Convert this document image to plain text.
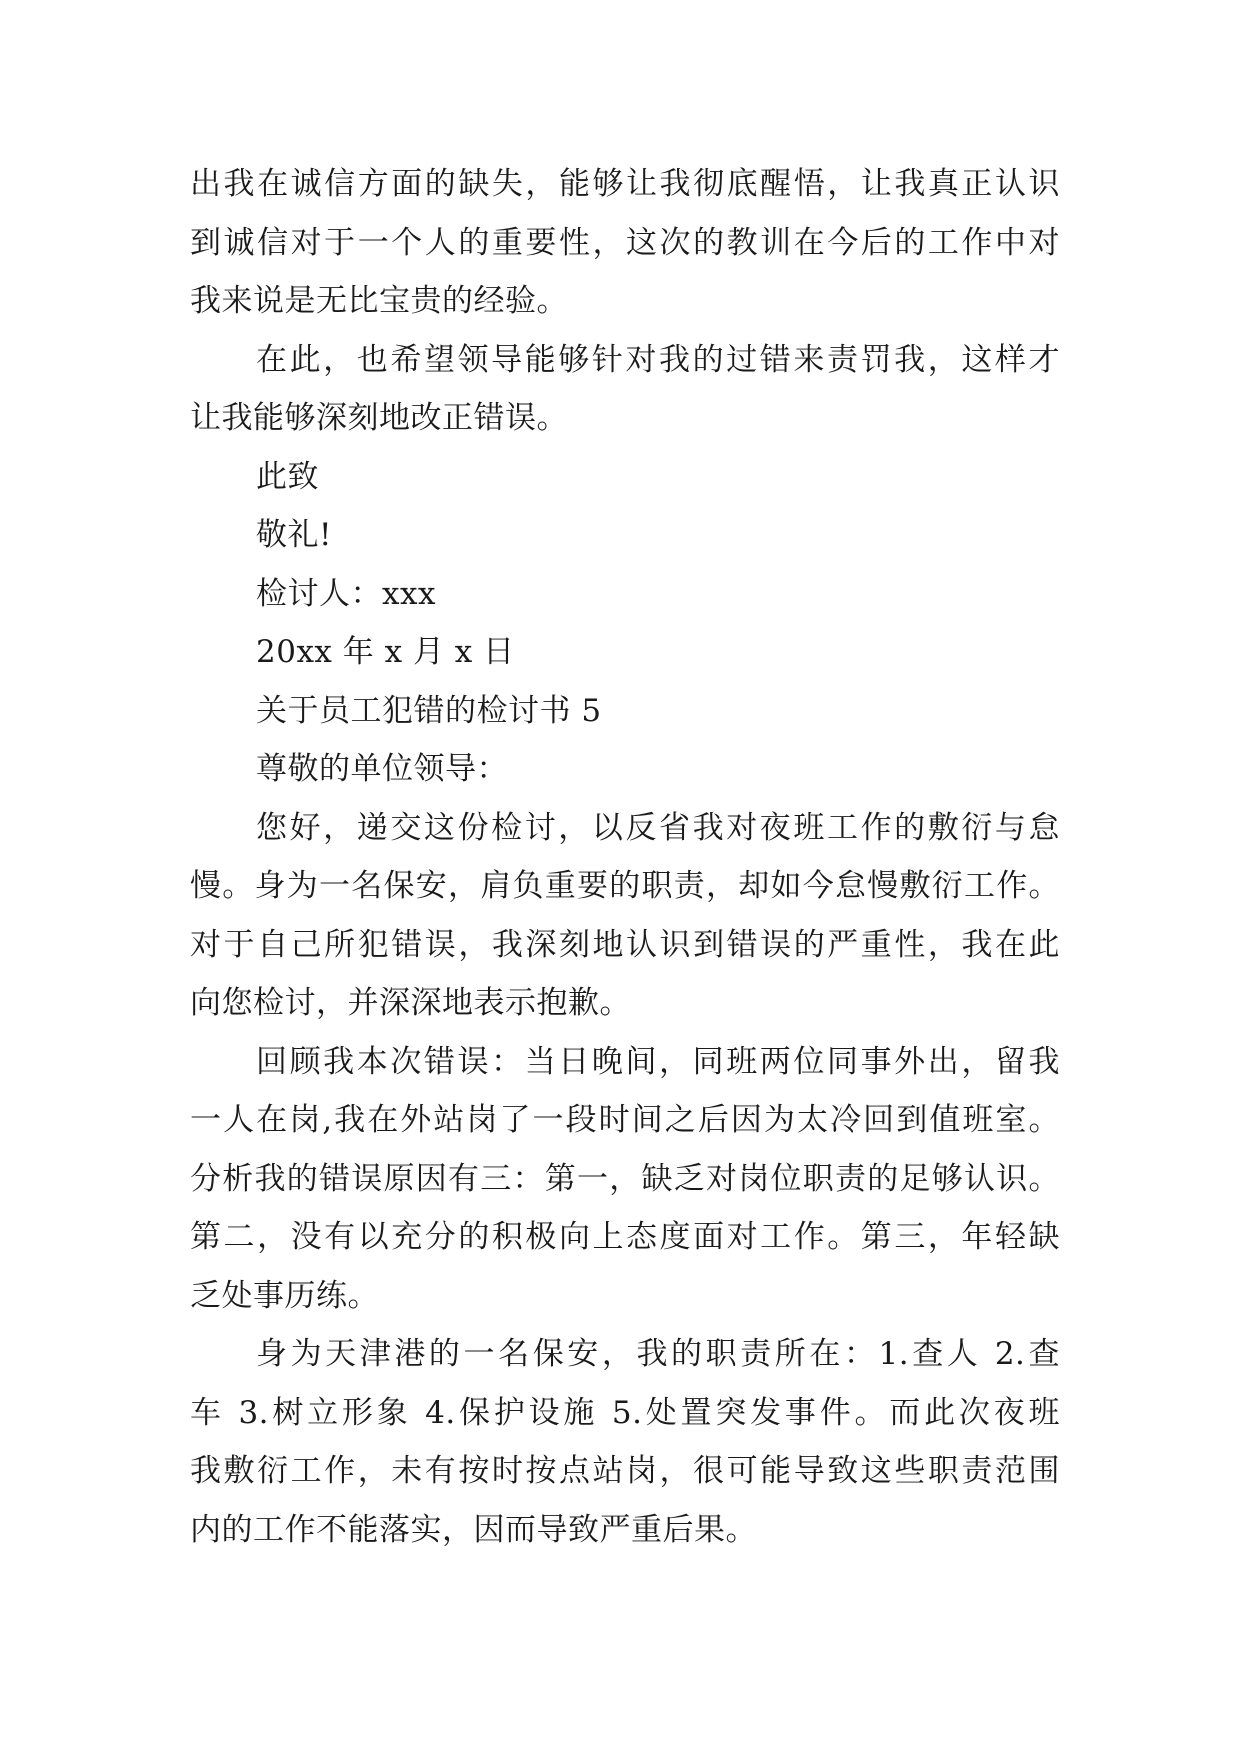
出我在诚信方面的缺失，能够让我彻底醒悟，让我真正认识
到诚信对于一个人的重要性，这次的教训在今后的工作中对
我来说是无比宝贵的经验。
在此，也希望领导能够针对我的过错来责罚我，这样才
让我能够深刻地改正错误。
此致
敬礼!
检讨人：xxx
20xx 年 x 月 x 日
关于员工犯错的检讨书 5
尊敬的单位领导：
您好，递交这份检讨，以反省我对夜班工作的敷衍与怠
慢。身为一名保安，肩负重要的职责，却如今怠慢敷衍工作。
对于自己所犯错误，我深刻地认识到错误的严重性，我在此
向您检讨，并深深地表示抱歉。
回顾我本次错误：当日晚间，同班两位同事外出，留我
一人在岗,我在外站岗了一段时间之后因为太冷回到值班室。
分析我的错误原因有三：第一，缺乏对岗位职责的足够认识。
第二，没有以充分的积极向上态度面对工作。第三，年轻缺
乏处事历练。
身为天津港的一名保安，我的职责所在：1.查人 2.查
车 3.树立形象 4.保护设施 5.处置突发事件。而此次夜班
我敷衍工作，未有按时按点站岗，很可能导致这些职责范围
内的工作不能落实，因而导致严重后果。
